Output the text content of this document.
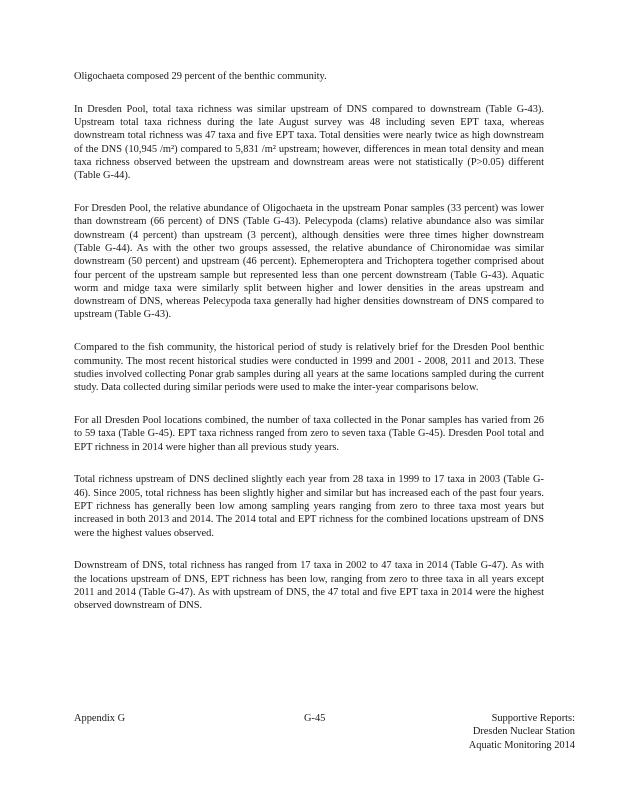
Oligochaeta composed 29 percent of the benthic community.

In Dresden Pool, total taxa richness was similar upstream of DNS compared to downstream (Table G-43). Upstream total taxa richness during the late August survey was 48 including seven EPT taxa, whereas downstream total richness was 47 taxa and five EPT taxa. Total densities were nearly twice as high downstream of the DNS (10,945 /m²) compared to 5,831 /m² upstream; however, differences in mean total density and mean taxa richness observed between the upstream and downstream areas were not statistically (P>0.05) different (Table G-44).

For Dresden Pool, the relative abundance of Oligochaeta in the upstream Ponar samples (33 percent) was lower than downstream (66 percent) of DNS (Table G-43). Pelecypoda (clams) relative abundance also was similar downstream (4 percent) than upstream (3 percent), although densities were three times higher downstream (Table G-44). As with the other two groups assessed, the relative abundance of Chironomidae was similar downstream (50 percent) and upstream (46 percent). Ephemeroptera and Trichoptera together comprised about four percent of the upstream sample but represented less than one percent downstream (Table G-43). Aquatic worm and midge taxa were similarly split between higher and lower densities in the areas upstream and downstream of DNS, whereas Pelecypoda taxa generally had higher densities downstream of DNS compared to upstream (Table G-43).

Compared to the fish community, the historical period of study is relatively brief for the Dresden Pool benthic community. The most recent historical studies were conducted in 1999 and 2001 - 2008, 2011 and 2013. These studies involved collecting Ponar grab samples during all years at the same locations sampled during the current study. Data collected during similar periods were used to make the inter-year comparisons below.

For all Dresden Pool locations combined, the number of taxa collected in the Ponar samples has varied from 26 to 59 taxa (Table G-45). EPT taxa richness ranged from zero to seven taxa (Table G-45). Dresden Pool total and EPT richness in 2014 were higher than all previous study years.

Total richness upstream of DNS declined slightly each year from 28 taxa in 1999 to 17 taxa in 2003 (Table G-46). Since 2005, total richness has been slightly higher and similar but has increased each of the past four years. EPT richness has generally been low among sampling years ranging from zero to three taxa most years but increased in both 2013 and 2014. The 2014 total and EPT richness for the combined locations upstream of DNS were the highest values observed.

Downstream of DNS, total richness has ranged from 17 taxa in 2002 to 47 taxa in 2014 (Table G-47). As with the locations upstream of DNS, EPT richness has been low, ranging from zero to three taxa in all years except 2011 and 2014 (Table G-47). As with upstream of DNS, the 47 total and five EPT taxa in 2014 were the highest observed downstream of DNS.

Appendix G	G-45	Supportive Reports:
Dresden Nuclear Station
Aquatic Monitoring 2014
